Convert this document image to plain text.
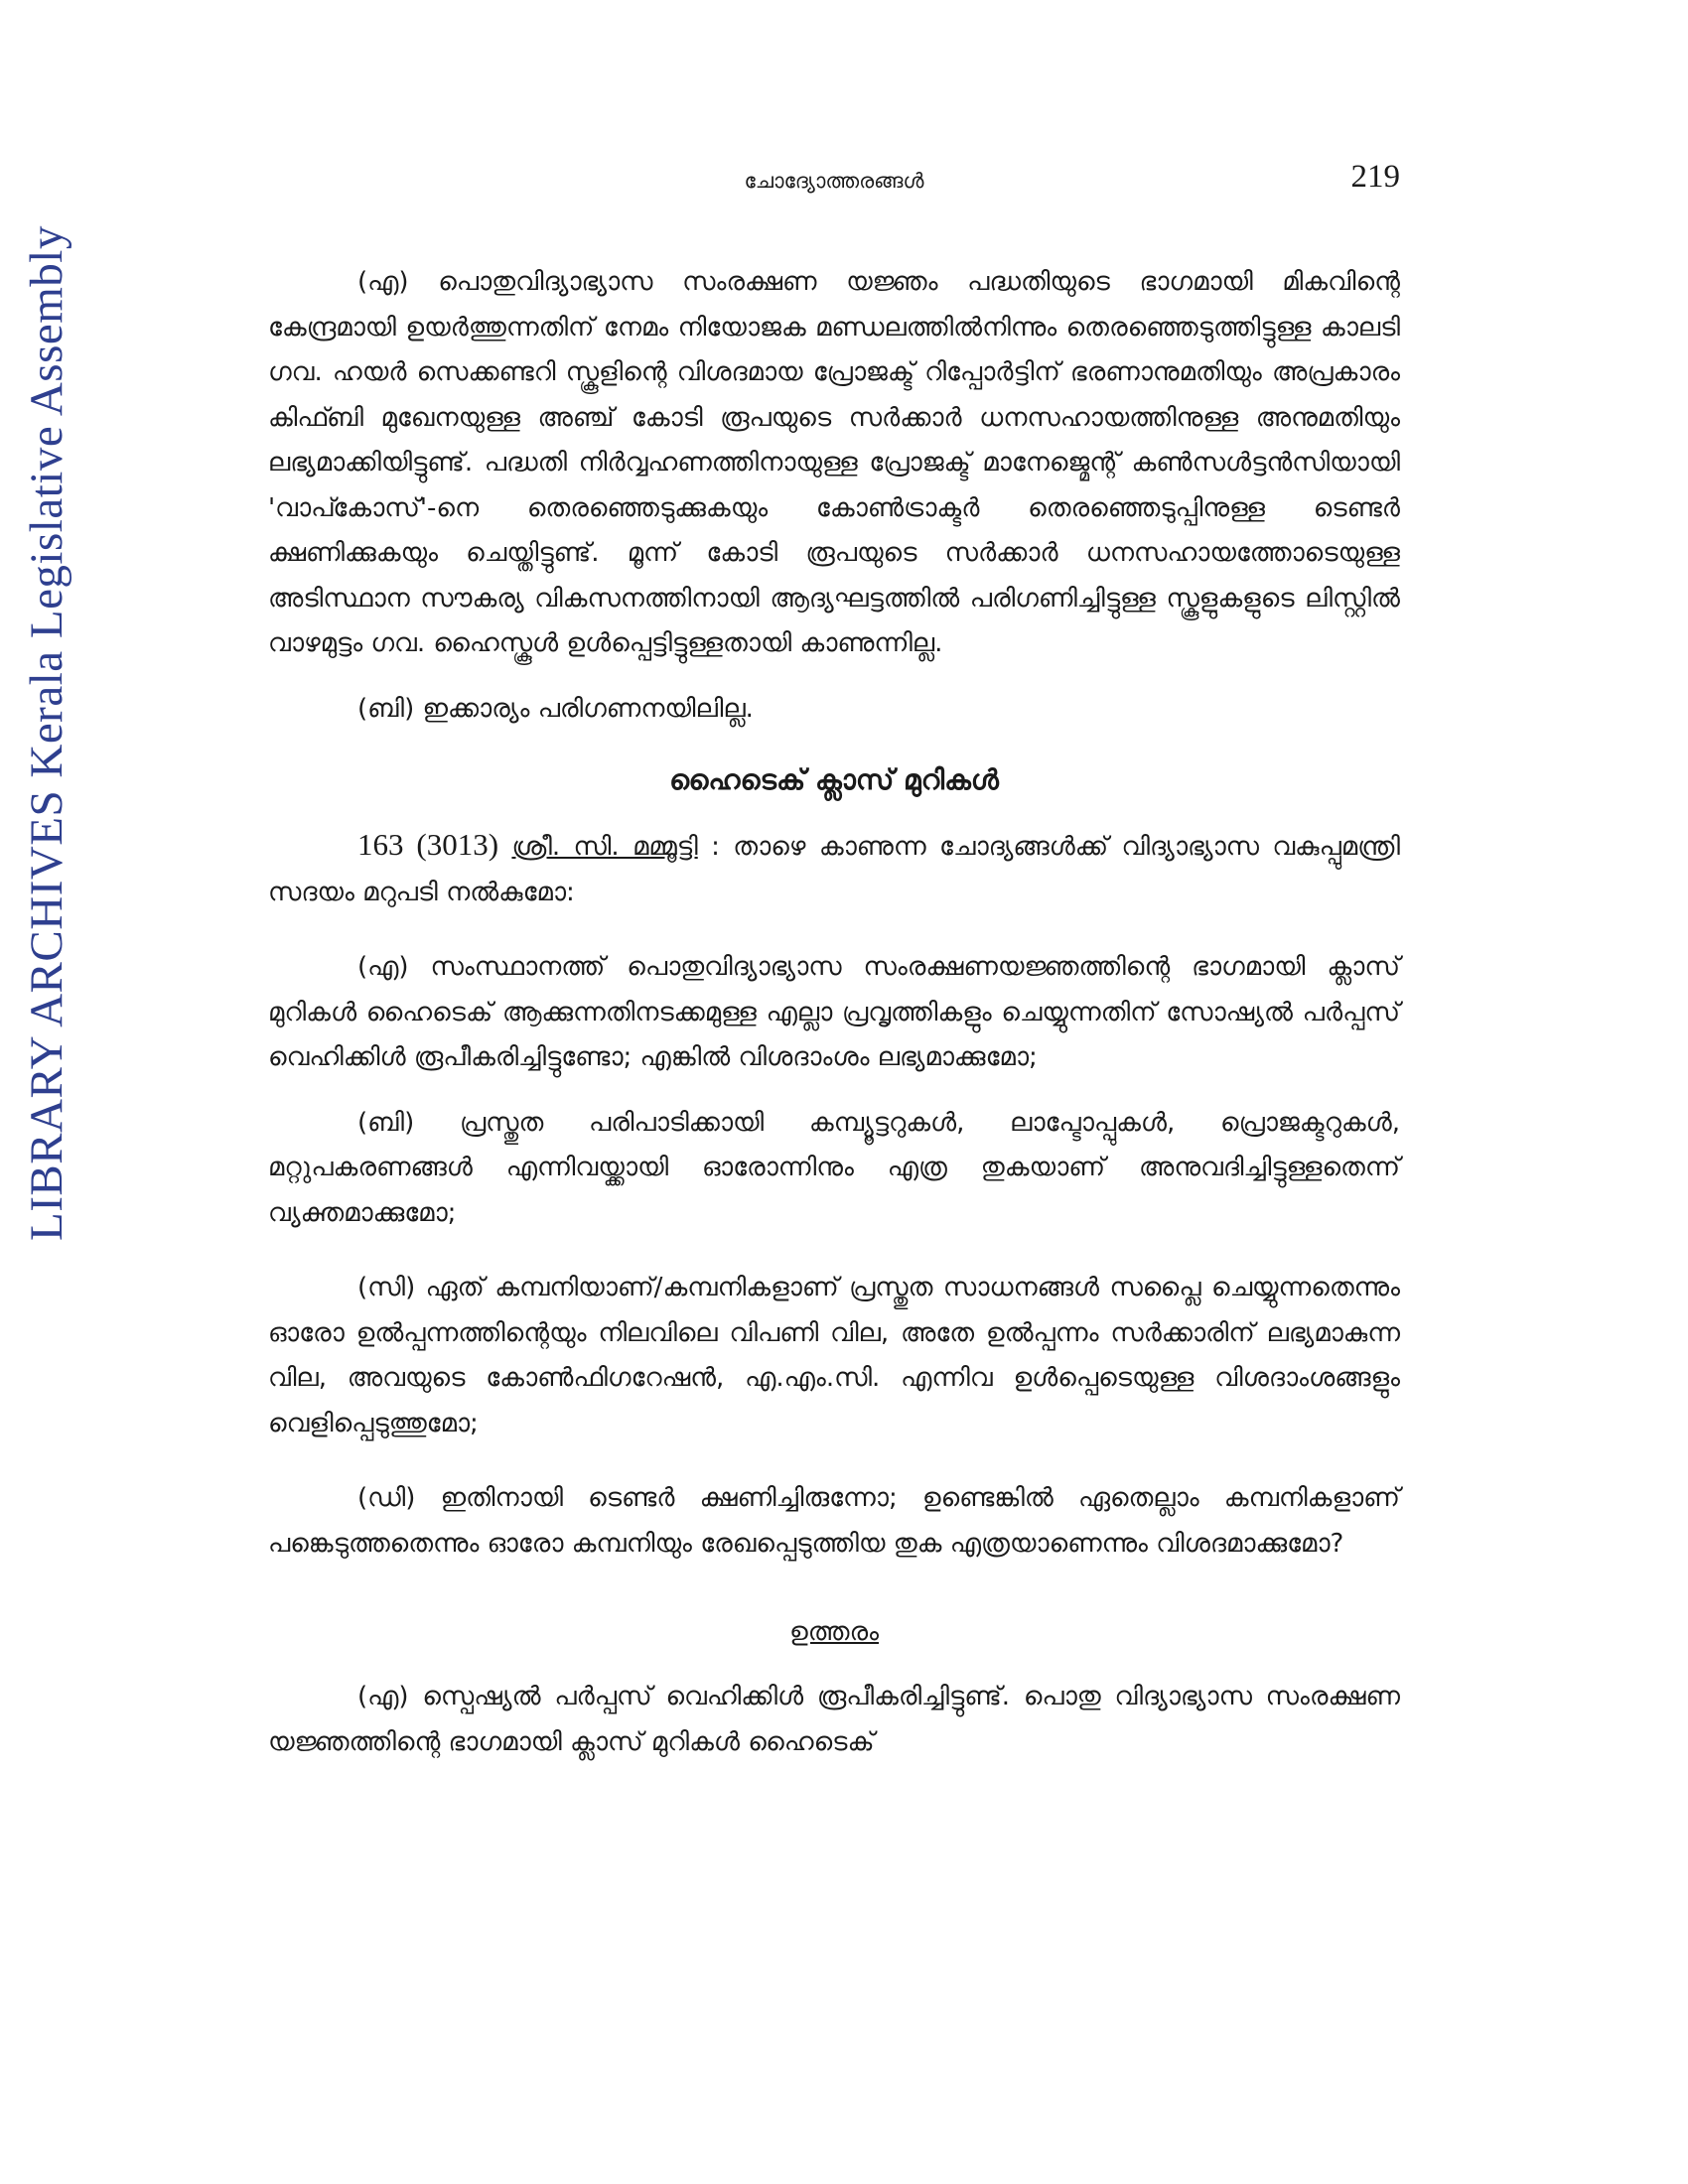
LIBRARY ARCHIVES Kerala Legislative Assembly
ചോദ്യോത്തരങ്ങൾ	219

(എ) പൊതുവിദ്യാഭ്യാസ സംരക്ഷണ യജ്ഞം പദ്ധതിയുടെ ഭാഗമായി മികവിന്റെ കേന്ദ്രമായി ഉയർത്തുന്നതിന് നേമം നിയോജക മണ്ഡലത്തിൽനിന്നും തെരഞ്ഞെടുത്തിട്ടുള്ള കാലടി ഗവ. ഹയർ സെക്കണ്ടറി സ്കൂളിന്റെ വിശദമായ പ്രോജക്ട് റിപ്പോർട്ടിന് ഭരണാനുമതിയും അപ്രകാരം കിഫ്ബി മുഖേനയുള്ള അഞ്ച് കോടി രൂപയുടെ സർക്കാർ ധനസഹായത്തിനുള്ള അനുമതിയും ലഭ്യമാക്കിയിട്ടുണ്ട്. പദ്ധതി നിർവ്വഹണത്തിനായുള്ള പ്രോജക്ട് മാനേജ്മെന്റ് കൺസൾട്ടൻസിയായി 'വാപ്കോസ്'-നെ തെരഞ്ഞെടുക്കുകയും കോൺട്രാക്ടർ തെരഞ്ഞെടുപ്പിനുള്ള ടെണ്ടർ ക്ഷണിക്കുകയും ചെയ്തിട്ടുണ്ട്. മൂന്ന് കോടി രൂപയുടെ സർക്കാർ ധനസഹായത്തോടെയുള്ള അടിസ്ഥാന സൗകര്യ വികസനത്തിനായി ആദ്യഘട്ടത്തിൽ പരിഗണിച്ചിട്ടുള്ള സ്കൂളുകളുടെ ലിസ്റ്റിൽ വാഴമുട്ടം ഗവ. ഹൈസ്കൂൾ ഉൾപ്പെട്ടിട്ടുള്ളതായി കാണുന്നില്ല.

(ബി) ഇക്കാര്യം പരിഗണനയിലില്ല.

ഹൈടെക് ക്ലാസ് മുറികൾ

163 (3013) ശ്രീ. സി. മമ്മൂട്ടി : താഴെ കാണുന്ന ചോദ്യങ്ങൾക്ക് വിദ്യാഭ്യാസ വകുപ്പുമന്ത്രി സദയം മറുപടി നൽകുമോ:

(എ) സംസ്ഥാനത്ത് പൊതുവിദ്യാഭ്യാസ സംരക്ഷണയജ്ഞത്തിന്റെ ഭാഗമായി ക്ലാസ് മുറികൾ ഹൈടെക് ആക്കുന്നതിനടക്കമുള്ള എല്ലാ പ്രവൃത്തികളും ചെയ്യുന്നതിന് സോഷ്യൽ പർപ്പസ് വെഹിക്കിൾ രൂപീകരിച്ചിട്ടുണ്ടോ; എങ്കിൽ വിശദാംശം ലഭ്യമാക്കുമോ;

(ബി) പ്രസ്തുത പരിപാടിക്കായി കമ്പ്യൂട്ടറുകൾ, ലാപ്ടോപ്പുകൾ, പ്രൊജക്ടറുകൾ, മറ്റുപകരണങ്ങൾ എന്നിവയ്ക്കായി ഓരോന്നിനും എത്ര തുകയാണ് അനുവദിച്ചിട്ടുള്ളതെന്ന് വ്യക്തമാക്കുമോ;

(സി) ഏത് കമ്പനിയാണ്/കമ്പനികളാണ് പ്രസ്തുത സാധനങ്ങൾ സപ്ലൈ ചെയ്യുന്നതെന്നും ഓരോ ഉൽപ്പന്നത്തിന്റെയും നിലവിലെ വിപണി വില, അതേ ഉൽപ്പന്നം സർക്കാരിന് ലഭ്യമാകുന്ന വില, അവയുടെ കോൺഫിഗറേഷൻ, എ.എം.സി. എന്നിവ ഉൾപ്പെടെയുള്ള വിശദാംശങ്ങളും വെളിപ്പെടുത്തുമോ;

(ഡി) ഇതിനായി ടെണ്ടർ ക്ഷണിച്ചിരുന്നോ; ഉണ്ടെങ്കിൽ ഏതെല്ലാം കമ്പനികളാണ് പങ്കെടുത്തതെന്നും ഓരോ കമ്പനിയും രേഖപ്പെടുത്തിയ തുക എത്രയാണെന്നും വിശദമാക്കുമോ?

ഉത്തരം

(എ) സ്പെഷ്യൽ പർപ്പസ് വെഹിക്കിൾ രൂപീകരിച്ചിട്ടുണ്ട്. പൊതു വിദ്യാഭ്യാസ സംരക്ഷണ യജ്ഞത്തിന്റെ ഭാഗമായി ക്ലാസ് മുറികൾ ഹൈടെക്
